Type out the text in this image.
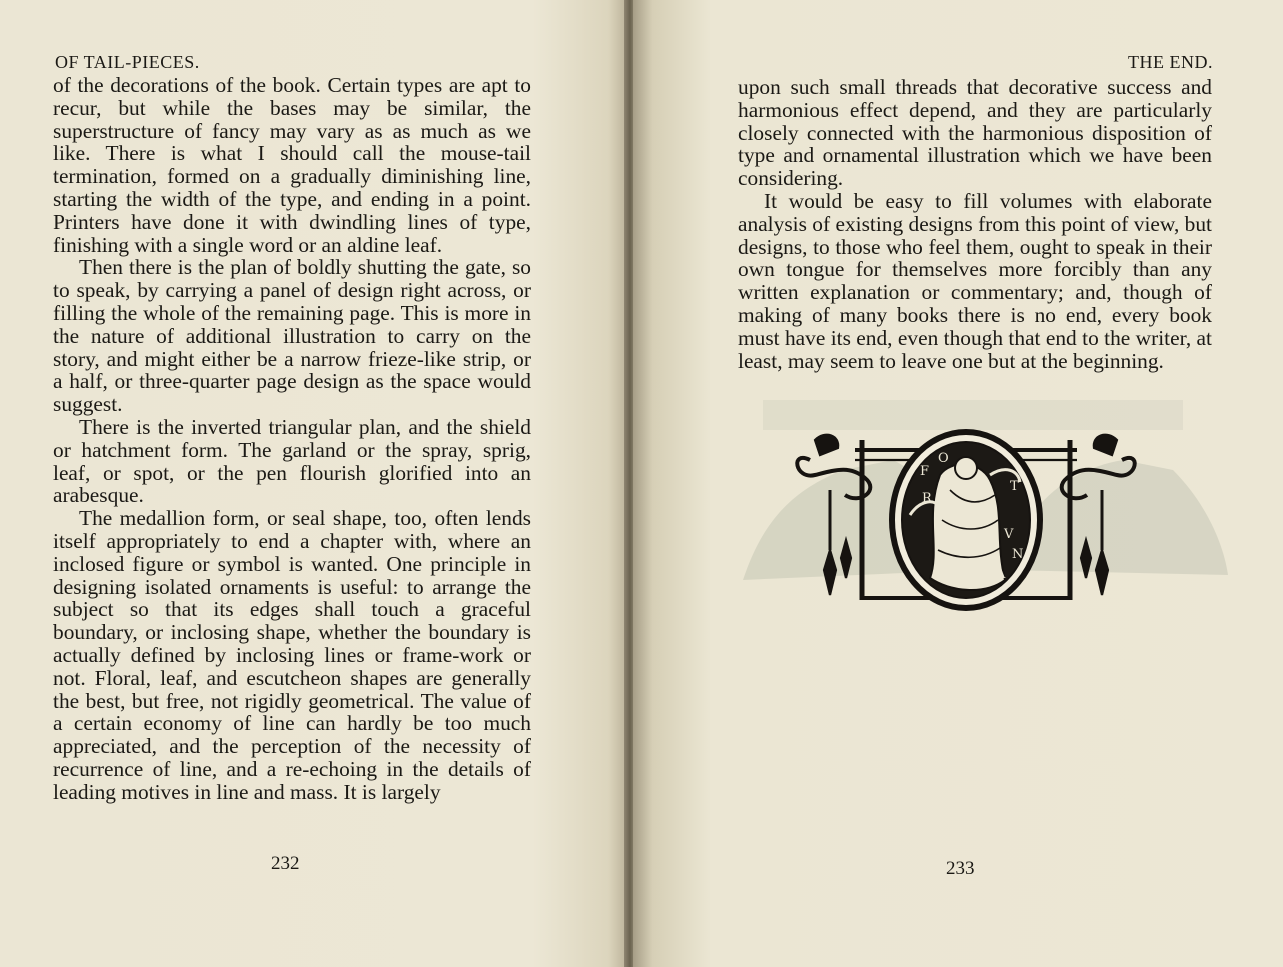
OF TAIL-PIECES.

of the decorations of the book. Certain types are apt to recur, but while the bases may be similar, the superstructure of fancy may vary as as much as we like. There is what I should call the mouse-tail termination, formed on a gradually diminishing line, starting the width of the type, and ending in a point. Printers have done it with dwindling lines of type, finishing with a single word or an aldine leaf.

Then there is the plan of boldly shutting the gate, so to speak, by carrying a panel of design right across, or filling the whole of the remaining page. This is more in the nature of additional illustration to carry on the story, and might either be a narrow frieze-like strip, or a half, or three-quarter page design as the space would suggest.

There is the inverted triangular plan, and the shield or hatchment form. The garland or the spray, sprig, leaf, or spot, or the pen flourish glorified into an arabesque.

The medallion form, or seal shape, too, often lends itself appropriately to end a chapter with, where an inclosed figure or symbol is wanted. One principle in designing isolated ornaments is useful: to arrange the subject so that its edges shall touch a graceful boundary, or inclosing shape, whether the boundary is actually defined by inclosing lines or frame-work or not. Floral, leaf, and escutcheon shapes are generally the best, but free, not rigidly geometrical. The value of a certain economy of line can hardly be too much appreciated, and the perception of the necessity of recurrence of line, and a re-echoing in the details of leading motives in line and mass. It is largely

232
THE END.

upon such small threads that decorative success and harmonious effect depend, and they are particularly closely connected with the harmonious disposition of type and ornamental illustration which we have been considering.

It would be easy to fill volumes with elaborate analysis of existing designs from this point of view, but designs, to those who feel them, ought to speak in their own tongue for themselves more forcibly than any written explanation or commentary; and, though of making of many books there is no end, every book must have its end, even though that end to the writer, at least, may seem to leave one but at the beginning.

F
O
R
T
V
N
A
233
